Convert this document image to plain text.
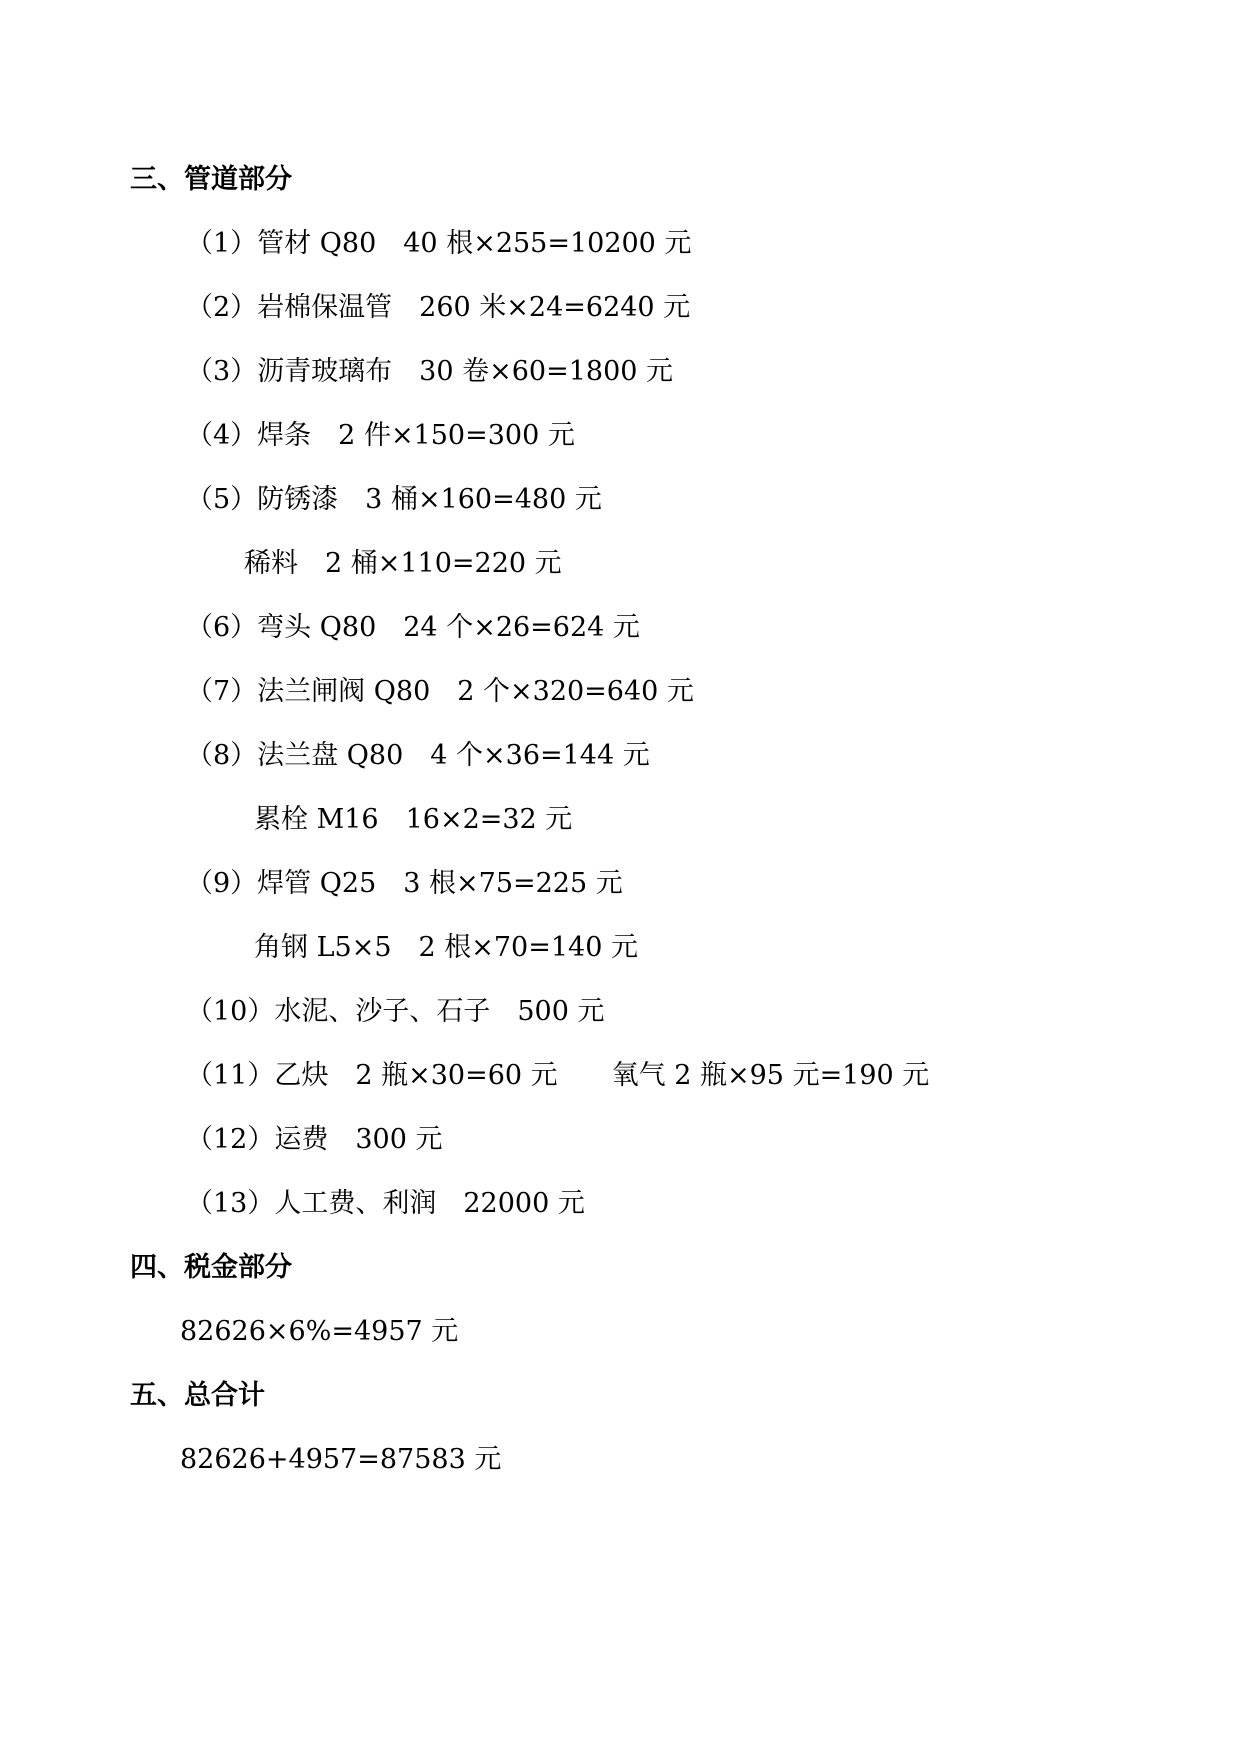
三、管道部分
（1）管材 Q80　40 根×255=10200 元
（2）岩棉保温管　260 米×24=6240 元
（3）沥青玻璃布　30 卷×60=1800 元
（4）焊条　2 件×150=300 元
（5）防锈漆　3 桶×160=480 元
稀料　2 桶×110=220 元
（6）弯头 Q80　24 个×26=624 元
（7）法兰闸阀 Q80　2 个×320=640 元
（8）法兰盘 Q80　4 个×36=144 元
累栓 M16　16×2=32 元
（9）焊管 Q25　3 根×75=225 元
角钢 L5×5　2 根×70=140 元
（10）水泥、沙子、石子　500 元
（11）乙炔　2 瓶×30=60 元　　氧气 2 瓶×95 元=190 元
（12）运费　300 元
（13）人工费、利润　22000 元
四、税金部分
82626×6%=4957 元
五、总合计
82626+4957=87583 元
